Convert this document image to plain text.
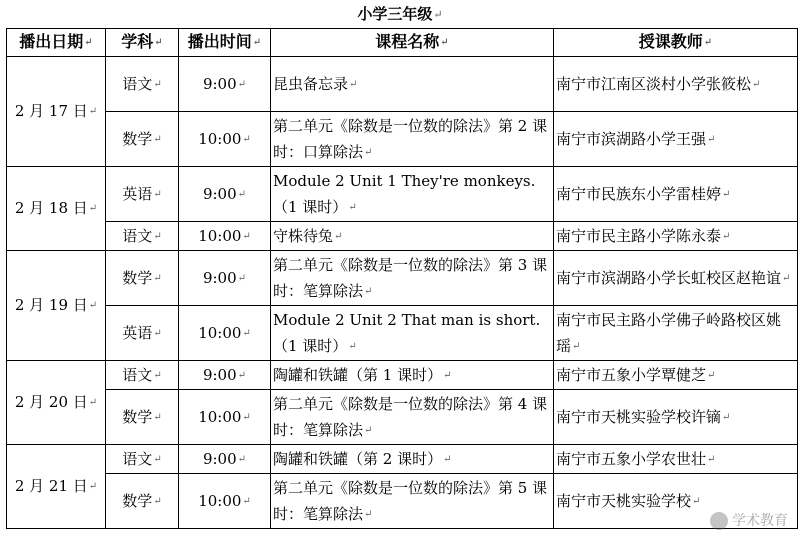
小学三年级↵
播出日期↵	学科↵	播出时间↵	课程名称↵	授课教师↵
2 月 17 日↵	语文↵	9:00↵	昆虫备忘录↵	南宁市江南区淡村小学张筱松↵
	数学↵	10:00↵	第二单元《除数是一位数的除法》第 2 课时：口算除法↵	南宁市滨湖路小学王强↵
2 月 18 日↵	英语↵	9:00↵	Module 2 Unit 1 They're monkeys.（1 课时）↵	南宁市民族东小学雷桂婷↵
	语文↵	10:00↵	守株待兔↵	南宁市民主路小学陈永泰↵
2 月 19 日↵	数学↵	9:00↵	第二单元《除数是一位数的除法》第 3 课时：笔算除法↵	南宁市滨湖路小学长虹校区赵艳谊↵
	英语↵	10:00↵	Module 2 Unit 2 That man is short.（1 课时）↵	南宁市民主路小学佛子岭路校区姚瑶↵
2 月 20 日↵	语文↵	9:00↵	陶罐和铁罐（第 1 课时）↵	南宁市五象小学覃健芝↵
	数学↵	10:00↵	第二单元《除数是一位数的除法》第 4 课时：笔算除法↵	南宁市天桃实验学校许镝↵
2 月 21 日↵	语文↵	9:00↵	陶罐和铁罐（第 2 课时）↵	南宁市五象小学农世壮↵
	数学↵	10:00↵	第二单元《除数是一位数的除法》第 5 课时：笔算除法↵	南宁市天桃实验学校↵
学术教育
